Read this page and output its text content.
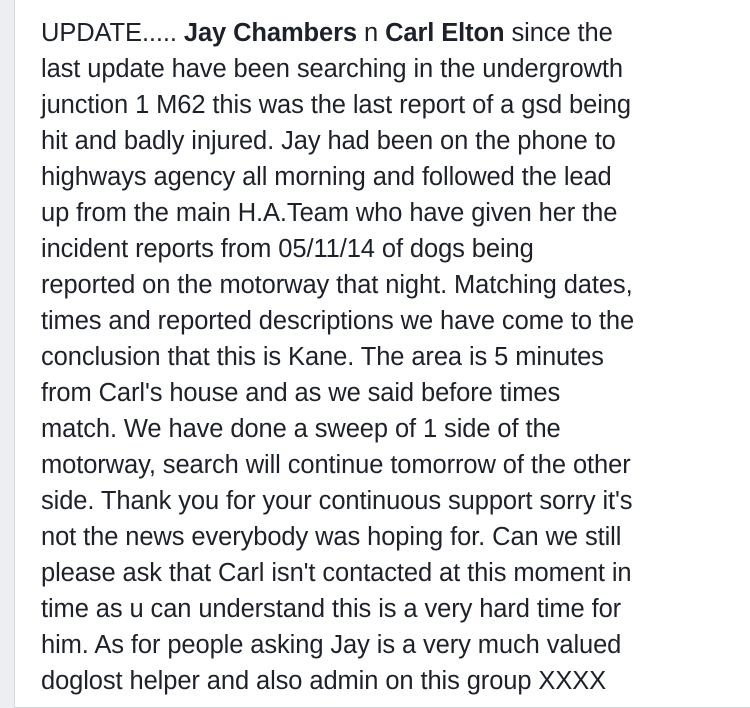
UPDATE..... Jay Chambers n Carl Elton since the
last update have been searching in the undergrowth
junction 1 M62 this was the last report of a gsd being
hit and badly injured. Jay had been on the phone to
highways agency all morning and followed the lead
up from the main H.A.Team who have given her the
incident reports from 05/11/14 of dogs being
reported on the motorway that night. Matching dates,
times and reported descriptions we have come to the
conclusion that this is Kane. The area is 5 minutes
from Carl's house and as we said before times
match. We have done a sweep of 1 side of the
motorway, search will continue tomorrow of the other
side. Thank you for your continuous support sorry it's
not the news everybody was hoping for. Can we still
please ask that Carl isn't contacted at this moment in
time as u can understand this is a very hard time for
him. As for people asking Jay is a very much valued
doglost helper and also admin on this group XXXX
